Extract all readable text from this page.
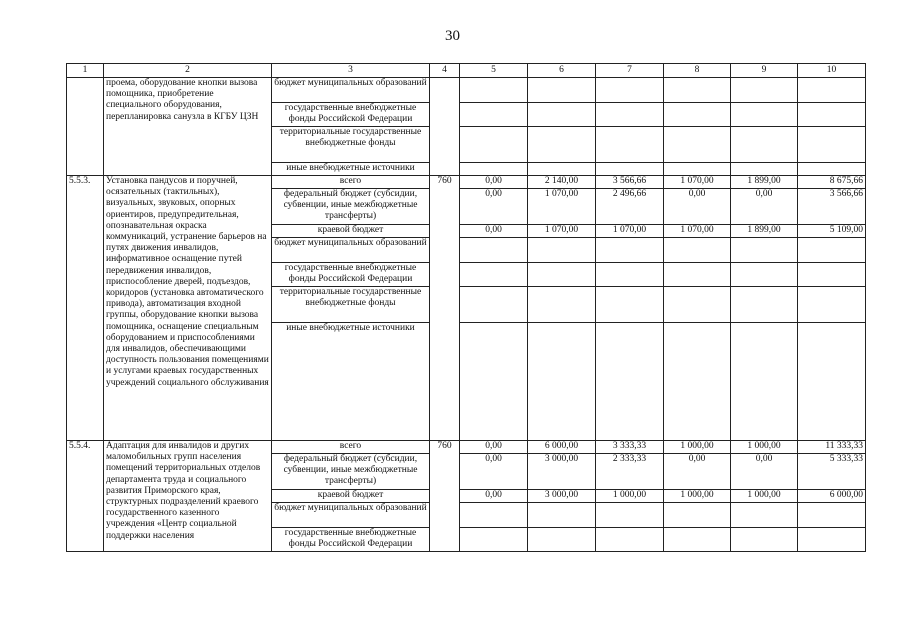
30
1	2	3	4	5	6	7	8	9	10
	проема, оборудование кнопки вызова помощника, приобретение специального оборудования, перепланировка санузла в КГБУ ЦЗН	бюджет муниципальных образований							
		государственные внебюджетные фонды Российской Федерации							
		территориальные государственные внебюджетные фонды							
		иные внебюджетные источники							
5.5.3.	Установка пандусов и поручней, осязательных (тактильных), визуальных, звуковых, опорных ориентиров, предупредительная, опознавательная окраска коммуникаций, устранение барьеров на путях движения инвалидов, информативное оснащение путей передвижения инвалидов, приспособление дверей, подъездов, коридоров (установка автоматического привода), автоматизация входной группы, оборудование кнопки вызова помощника, оснащение специальным оборудованием и приспособлениями для инвалидов, обеспечивающими доступность пользования помещениями и услугами краевых государственных учреждений социального обслуживания	всего	760	0,00	2 140,00	3 566,66	1 070,00	1 899,00	8 675,66
		федеральный бюджет (субсидии, субвенции, иные межбюджетные трансферты)		0,00	1 070,00	2 496,66	0,00	0,00	3 566,66
		краевой бюджет		0,00	1 070,00	1 070,00	1 070,00	1 899,00	5 109,00
		бюджет муниципальных образований							
		государственные внебюджетные фонды Российской Федерации							
		территориальные государственные внебюджетные фонды							
		иные внебюджетные источники							
5.5.4.	Адаптация для инвалидов и других маломобильных групп населения помещений территориальных отделов департамента труда и социального развития Приморского края, структурных подразделений краевого государственного казенного учреждения «Центр социальной поддержки населения	всего	760	0,00	6 000,00	3 333,33	1 000,00	1 000,00	11 333,33
		федеральный бюджет (субсидии, субвенции, иные межбюджетные трансферты)		0,00	3 000,00	2 333,33	0,00	0,00	5 333,33
		краевой бюджет		0,00	3 000,00	1 000,00	1 000,00	1 000,00	6 000,00
		бюджет муниципальных образований							
		государственные внебюджетные фонды Российской Федерации							
